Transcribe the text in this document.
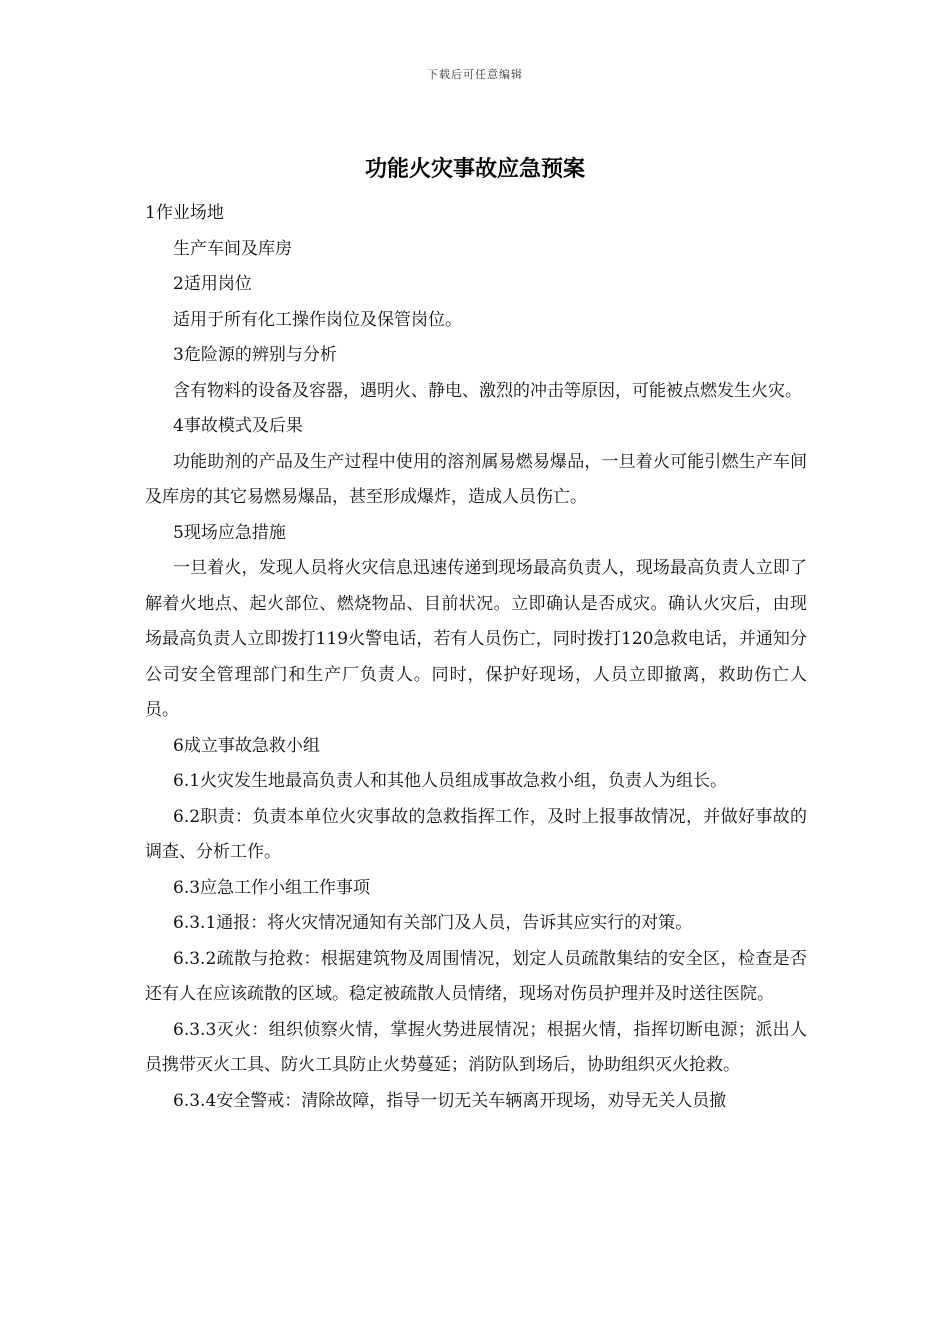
下载后可任意编辑
功能火灾事故应急预案

1作业场地

生产车间及库房

2适用岗位

适用于所有化工操作岗位及保管岗位。

3危险源的辨别与分析

含有物料的设备及容器，遇明火、静电、激烈的冲击等原因，可能被点燃发生火灾。

4事故模式及后果

功能助剂的产品及生产过程中使用的溶剂属易燃易爆品，一旦着火可能引燃生产车间及库房的其它易燃易爆品，甚至形成爆炸，造成人员伤亡。

5现场应急措施

一旦着火，发现人员将火灾信息迅速传递到现场最高负责人，现场最高负责人立即了解着火地点、起火部位、燃烧物品、目前状况。立即确认是否成灾。确认火灾后，由现场最高负责人立即拨打119火警电话，若有人员伤亡，同时拨打120急救电话，并通知分公司安全管理部门和生产厂负责人。同时，保护好现场，人员立即撤离，救助伤亡人员。

6成立事故急救小组

6.1火灾发生地最高负责人和其他人员组成事故急救小组，负责人为组长。

6.2职责：负责本单位火灾事故的急救指挥工作，及时上报事故情况，并做好事故的调查、分析工作。

6.3应急工作小组工作事项

6.3.1通报：将火灾情况通知有关部门及人员，告诉其应实行的对策。

6.3.2疏散与抢救：根据建筑物及周围情况，划定人员疏散集结的安全区，检查是否还有人在应该疏散的区域。稳定被疏散人员情绪，现场对伤员护理并及时送往医院。

6.3.3灭火：组织侦察火情，掌握火势进展情况；根据火情，指挥切断电源；派出人员携带灭火工具、防火工具防止火势蔓延；消防队到场后，协助组织灭火抢救。

6.3.4安全警戒：清除故障，指导一切无关车辆离开现场，劝导无关人员撤
